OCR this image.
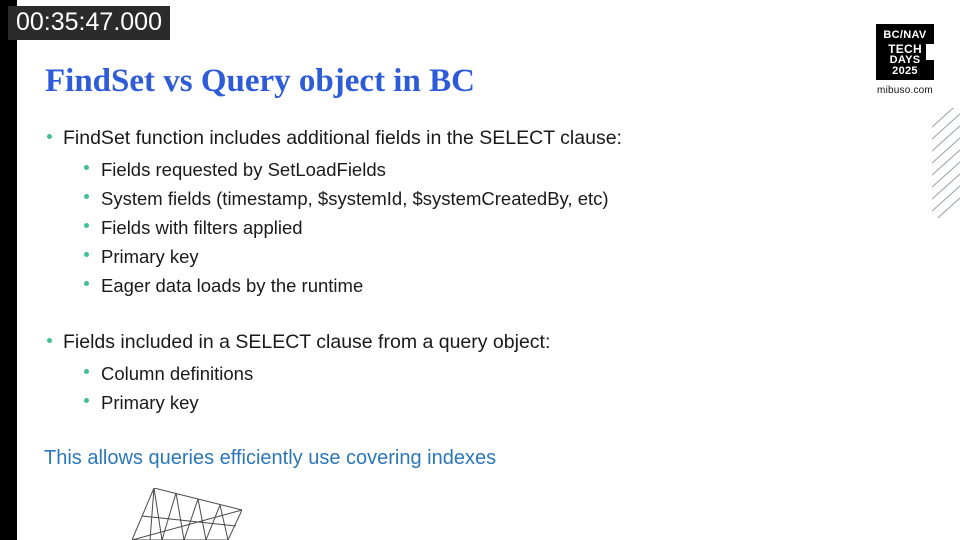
FindSet vs Query object in BC
FindSet function includes additional fields in the SELECT clause:
Fields requested by SetLoadFields
System fields (timestamp, $systemId, $systemCreatedBy, etc)
Fields with filters applied
Primary key
Eager data loads by the runtime
Fields included in a SELECT clause from a query object:
Column definitions
Primary key
This allows queries efficiently use covering indexes
BC/NAV
TECH
DAYS
2025
mibuso.com
00:35:47.000
